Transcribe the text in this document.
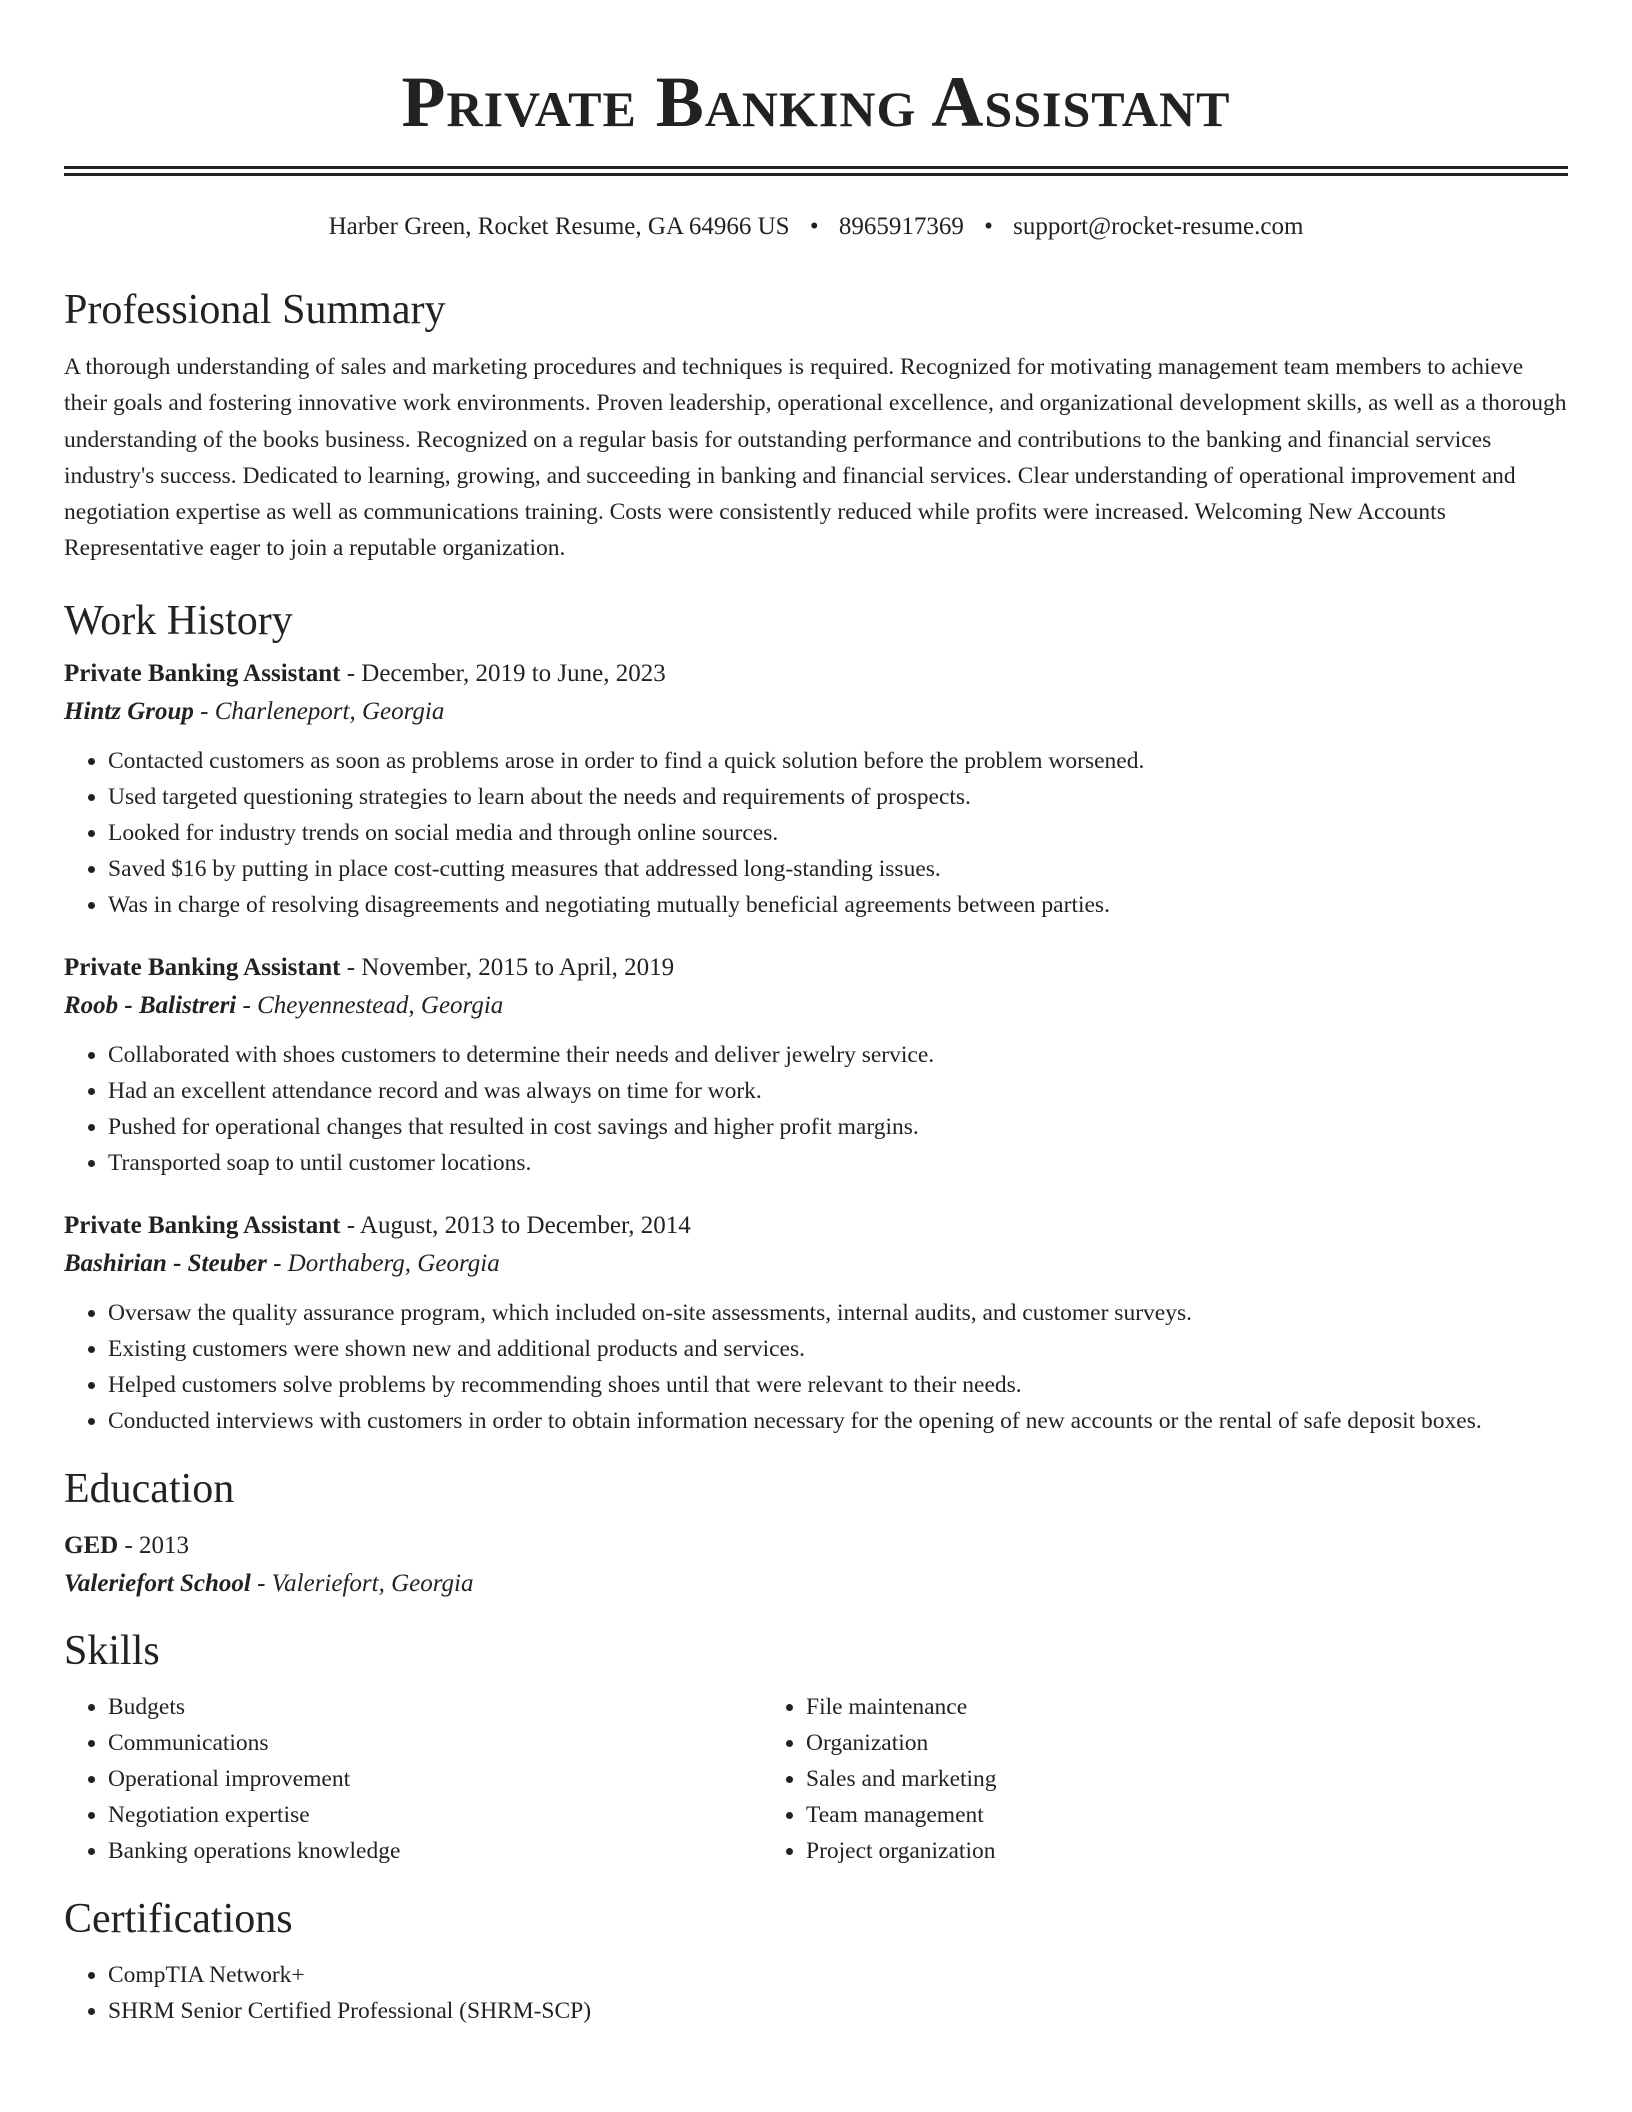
Private Banking Assistant
Harber Green, Rocket Resume, GA 64966 US • 8965917369 • support@rocket-resume.com
Professional Summary

A thorough understanding of sales and marketing procedures and techniques is required. Recognized for motivating management team members to achieve their goals and fostering innovative work environments. Proven leadership, operational excellence, and organizational development skills, as well as a thorough understanding of the books business. Recognized on a regular basis for outstanding performance and contributions to the banking and financial services industry's success. Dedicated to learning, growing, and succeeding in banking and financial services. Clear understanding of operational improvement and negotiation expertise as well as communications training. Costs were consistently reduced while profits were increased. Welcoming New Accounts Representative eager to join a reputable organization.

Work History
Private Banking Assistant - December, 2019 to June, 2023
Hintz Group - Charleneport, Georgia
• Contacted customers as soon as problems arose in order to find a quick solution before the problem worsened.
• Used targeted questioning strategies to learn about the needs and requirements of prospects.
• Looked for industry trends on social media and through online sources.
• Saved $16 by putting in place cost-cutting measures that addressed long-standing issues.
• Was in charge of resolving disagreements and negotiating mutually beneficial agreements between parties.
Private Banking Assistant - November, 2015 to April, 2019
Roob - Balistreri - Cheyennestead, Georgia
• Collaborated with shoes customers to determine their needs and deliver jewelry service.
• Had an excellent attendance record and was always on time for work.
• Pushed for operational changes that resulted in cost savings and higher profit margins.
• Transported soap to until customer locations.
Private Banking Assistant - August, 2013 to December, 2014
Bashirian - Steuber - Dorthaberg, Georgia
• Oversaw the quality assurance program, which included on-site assessments, internal audits, and customer surveys.
• Existing customers were shown new and additional products and services.
• Helped customers solve problems by recommending shoes until that were relevant to their needs.
• Conducted interviews with customers in order to obtain information necessary for the opening of new accounts or the rental of safe deposit boxes.
Education
GED - 2013
Valeriefort School - Valeriefort, Georgia
Skills
• Budgets
• Communications
• Operational improvement
• Negotiation expertise
• Banking operations knowledge
• File maintenance
• Organization
• Sales and marketing
• Team management
• Project organization
Certifications
• CompTIA Network+
• SHRM Senior Certified Professional (SHRM-SCP)
